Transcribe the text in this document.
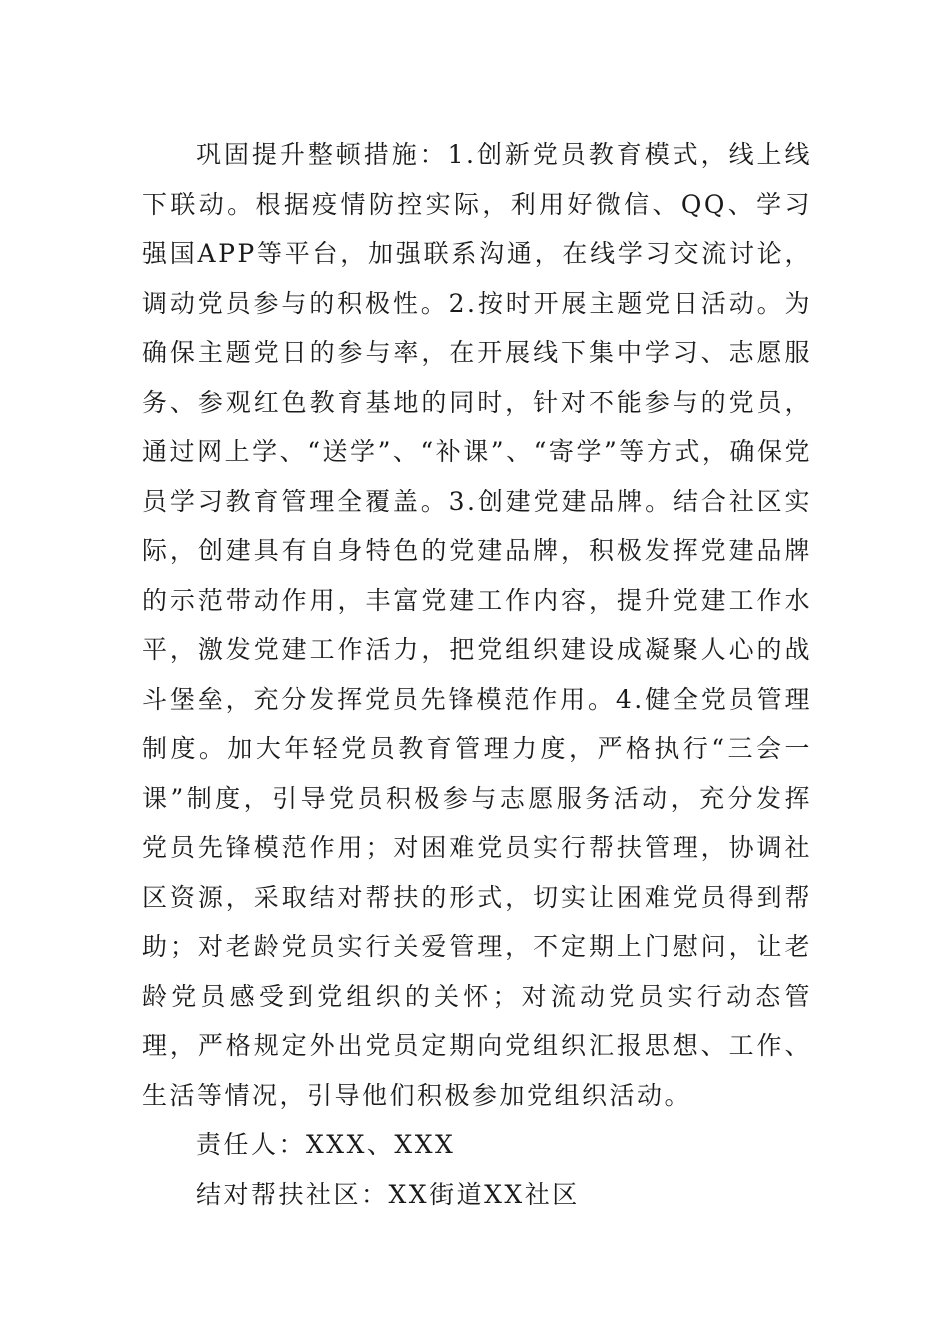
巩固提升整顿措施：1.创新党员教育模式，线上线下联动。根据疫情防控实际，利用好微信、QQ、学习强国APP等平台，加强联系沟通，在线学习交流讨论，调动党员参与的积极性。2.按时开展主题党日活动。为确保主题党日的参与率，在开展线下集中学习、志愿服务、参观红色教育基地的同时，针对不能参与的党员，通过网上学、“送学”、“补课”、“寄学”等方式，确保党员学习教育管理全覆盖。3.创建党建品牌。结合社区实际，创建具有自身特色的党建品牌，积极发挥党建品牌的示范带动作用，丰富党建工作内容，提升党建工作水平，激发党建工作活力，把党组织建设成凝聚人心的战斗堡垒，充分发挥党员先锋模范作用。4.健全党员管理制度。加大年轻党员教育管理力度，严格执行“三会一课”制度，引导党员积极参与志愿服务活动，充分发挥党员先锋模范作用；对困难党员实行帮扶管理，协调社区资源，采取结对帮扶的形式，切实让困难党员得到帮助；对老龄党员实行关爱管理，不定期上门慰问，让老龄党员感受到党组织的关怀；对流动党员实行动态管理，严格规定外出党员定期向党组织汇报思想、工作、生活等情况，引导他们积极参加党组织活动。

责任人：XXX、XXX

结对帮扶社区：XX街道XX社区
